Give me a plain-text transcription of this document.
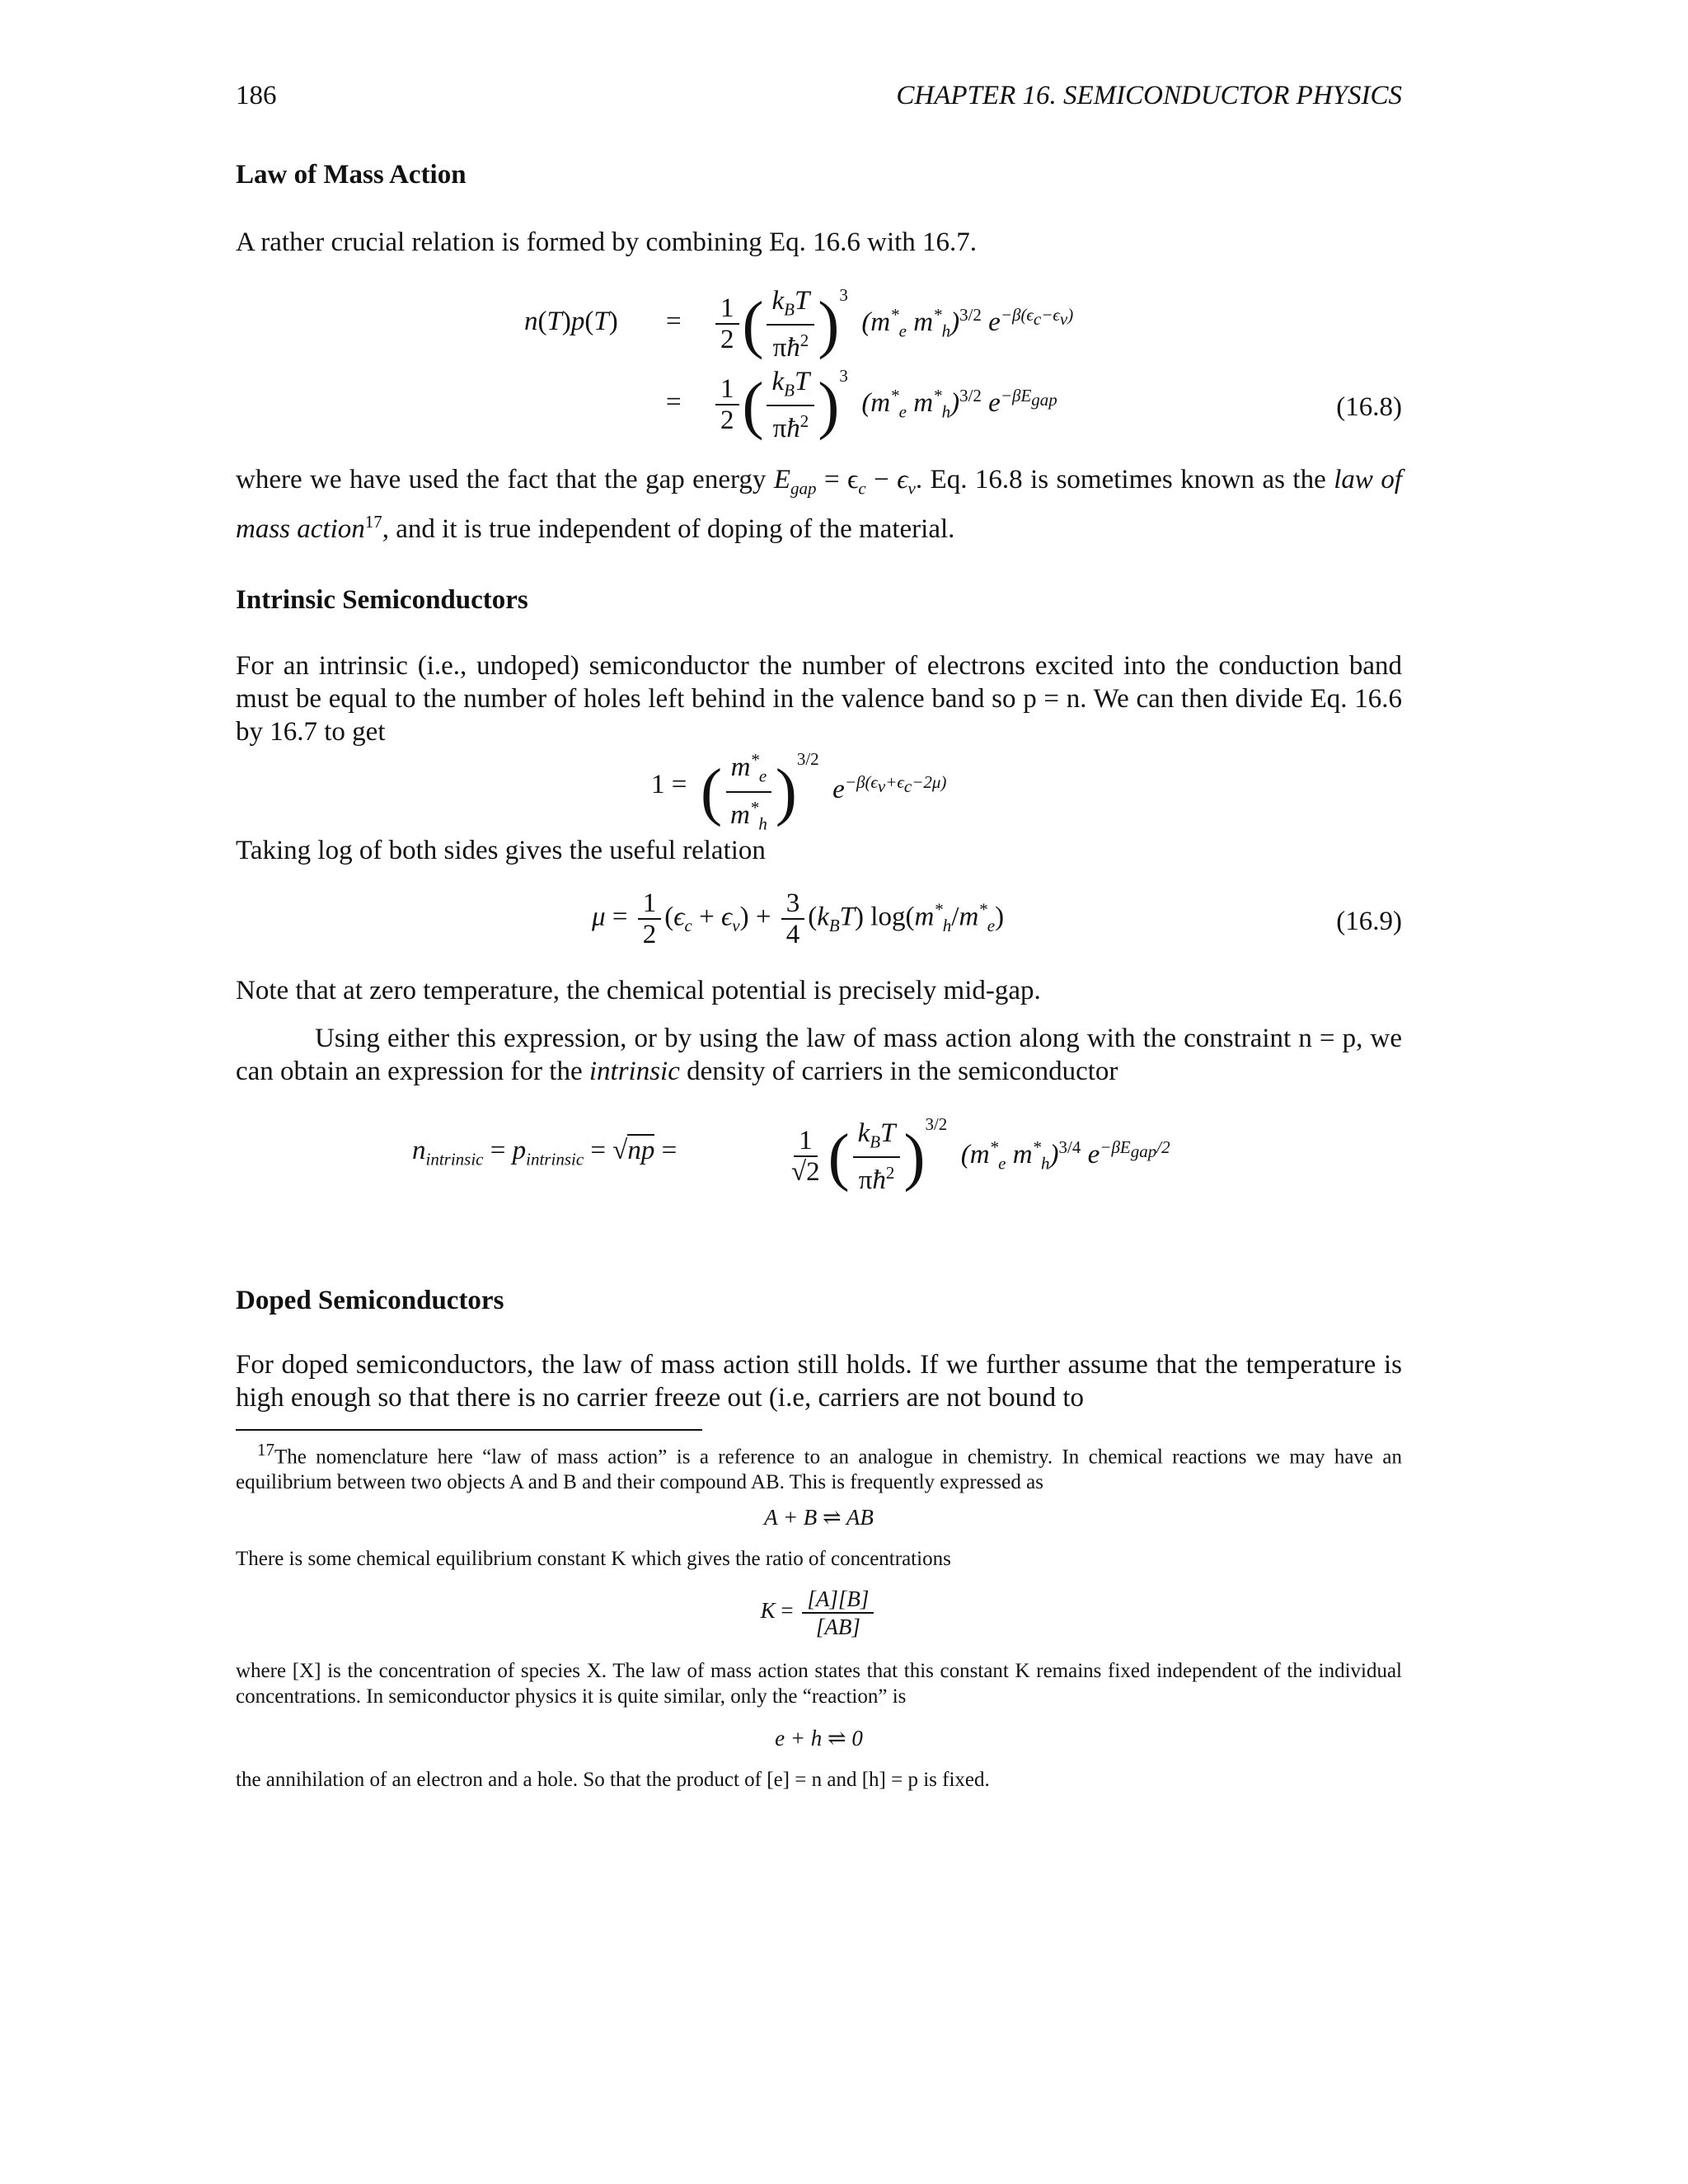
186	CHAPTER 16. SEMICONDUCTOR PHYSICS
Law of Mass Action

A rather crucial relation is formed by combining Eq. 16.6 with 16.7.

$n(T)p(T) = \frac{1}{2}$ ( $\frac{k_BT}{\pi ħ^2} )^3$  ($m^*_e$ $m^*_h)^{3/2}$ $e^{-\beta(\epsilon_c-\epsilon_v)}$
= $\frac{1}{2}$ ( $\frac{k_BT}{\pi ħ^2} )^3$  ($m^*_e$ $m^*_h)^{3/2}$ $e^{-\beta E_{gap}}$	(16.8)

where we have used the fact that the gap energy $E_{gap} = \epsilon_c - \epsilon_v$. Eq. 16.8 is sometimes known as the law of mass action$^{17}$, and it is true independent of doping of the material.

Intrinsic Semiconductors

For an intrinsic (i.e., undoped) semiconductor the number of electrons excited into the conduction band must be equal to the number of holes left behind in the valence band so p = n. We can then divide Eq. 16.6 by 16.7 to get

1 = ( $\frac{m^*_e}{m^*_h} )^{3/2}$  $e^{-\beta(\epsilon_v+\epsilon_c-2\mu)}$

Taking log of both sides gives the useful relation

$\mu = \frac{1}{2} (\epsilon_c + \epsilon_v) + \frac{3}{4} (k_BT)$ $\log(m^*_h/m^*_e)$	(16.9)

Note that at zero temperature, the chemical potential is precisely mid-gap.

Using either this expression, or by using the law of mass action along with the constraint n = p, we can obtain an expression for the intrinsic density of carriers in the semiconductor

$n_{intrinsic} = p_{intrinsic} = √np$ =	$\frac{1}{√2}$ ( $\frac{k_BT}{\pi ħ^2} )^{3/2}$  ($m^*_e$ $m^*_h)^{3/4}$ $e^{-\beta E_{gap}/2}$
Doped Semiconductors

For doped semiconductors, the law of mass action still holds. If we further assume that the temperature is high enough so that there is no carrier freeze out (i.e, carriers are not bound to

$^{17}$The nomenclature here “law of mass action” is a reference to an analogue in chemistry. In chemical reactions we may have an equilibrium between two objects A and B and their compound AB. This is frequently expressed as

A + B ⇌ AB

There is some chemical equilibrium constant K which gives the ratio of concentrations

$K = \frac{[A][B]}{[AB]}$

where [X] is the concentration of species X. The law of mass action states that this constant K remains fixed independent of the individual concentrations. In semiconductor physics it is quite similar, only the “reaction” is

e + h ⇌ 0

the annihilation of an electron and a hole. So that the product of [e] = n and [h] = p is fixed.
